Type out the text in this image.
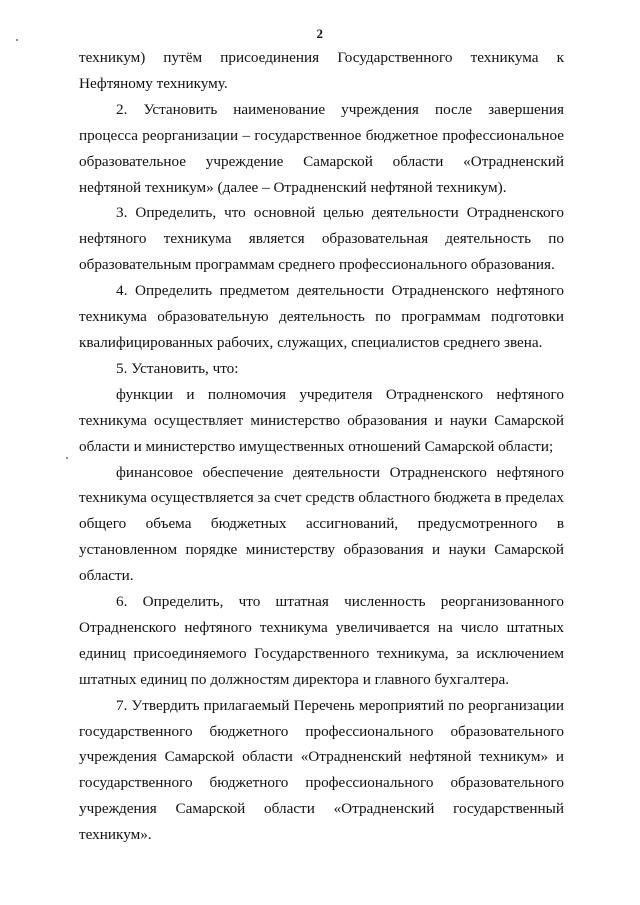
2

техникум) путём присоединения Государственного техникума к Нефтяному техникуму.

2. Установить наименование учреждения после завершения процесса реорганизации – государственное бюджетное профессиональное образовательное учреждение Самарской области «Отрадненский нефтяной техникум» (далее – Отрадненский нефтяной техникум).

3. Определить, что основной целью деятельности Отрадненского нефтяного техникума является образовательная деятельность по образовательным программам среднего профессионального образования.

4. Определить предметом деятельности Отрадненского нефтяного техникума образовательную деятельность по программам подготовки квалифицированных рабочих, служащих, специалистов среднего звена.

5. Установить, что:

функции и полномочия учредителя Отрадненского нефтяного техникума осуществляет министерство образования и науки Самарской области и министерство имущественных отношений Самарской области;

финансовое обеспечение деятельности Отрадненского нефтяного техникума осуществляется за счет средств областного бюджета в пределах общего объема бюджетных ассигнований, предусмотренного в установленном порядке министерству образования и науки Самарской области.

6. Определить, что штатная численность реорганизованного Отрадненского нефтяного техникума увеличивается на число штатных единиц присоединяемого Государственного техникума, за исключением штатных единиц по должностям директора и главного бухгалтера.

7. Утвердить прилагаемый Перечень мероприятий по реорганизации государственного бюджетного профессионального образовательного учреждения Самарской области «Отрадненский нефтяной техникум» и государственного бюджетного профессионального образовательного учреждения Самарской области «Отрадненский государственный техникум».
